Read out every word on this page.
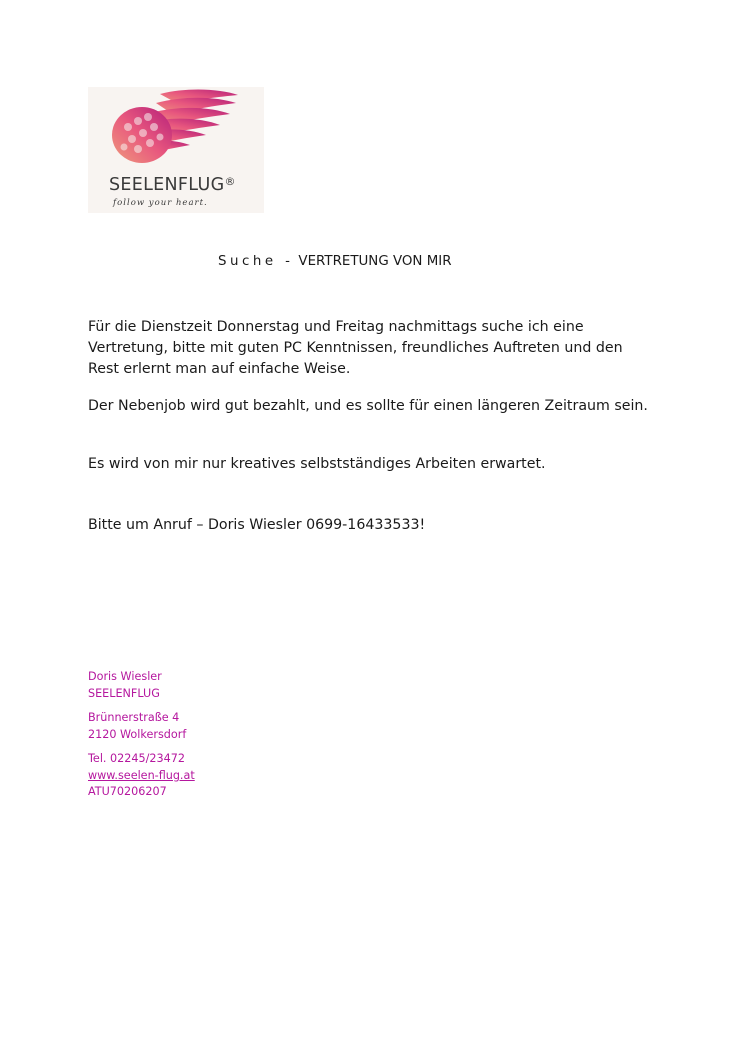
SEELENFLUG®
follow your heart.
Suche  -  VERTRETUNG VON MIR

Für die Dienstzeit Donnerstag und Freitag nachmittags suche ich eine Vertretung, bitte mit guten PC Kenntnissen, freundliches Auftreten und den Rest erlernt man auf einfache Weise.

Der Nebenjob wird gut bezahlt, und es sollte für einen längeren Zeitraum sein.

Es wird von mir nur kreatives selbstständiges Arbeiten erwartet.

Bitte um Anruf – Doris Wiesler 0699-16433533!

Doris Wiesler
SEELENFLUG
Brünnerstraße 4
2120 Wolkersdorf
Tel. 02245/23472
www.seelen-flug.at
ATU70206207
